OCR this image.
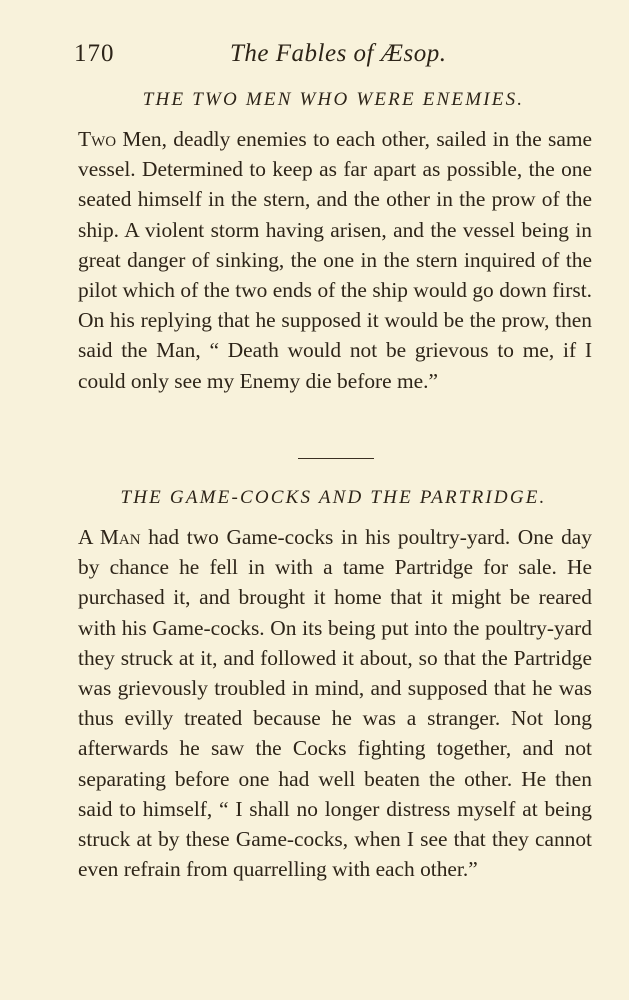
170	The Fables of Æsop.
THE TWO MEN WHO WERE ENEMIES.

Two Men, deadly enemies to each other, sailed in the same vessel. Determined to keep as far apart as possible, the one seated himself in the stern, and the other in the prow of the ship. A violent storm having arisen, and the vessel being in great danger of sinking, the one in the stern inquired of the pilot which of the two ends of the ship would go down first. On his replying that he supposed it would be the prow, then said the Man, “ Death would not be grievous to me, if I could only see my Enemy die before me.”

THE GAME-COCKS AND THE PARTRIDGE.

A Man had two Game-cocks in his poultry-yard. One day by chance he fell in with a tame Partridge for sale. He purchased it, and brought it home that it might be reared with his Game-cocks. On its being put into the poultry-yard they struck at it, and followed it about, so that the Partridge was grievously troubled in mind, and supposed that he was thus evilly treated because he was a stranger. Not long afterwards he saw the Cocks fighting together, and not separating before one had well beaten the other. He then said to himself, “ I shall no longer distress myself at being struck at by these Game-cocks, when I see that they cannot even refrain from quarrelling with each other.”
